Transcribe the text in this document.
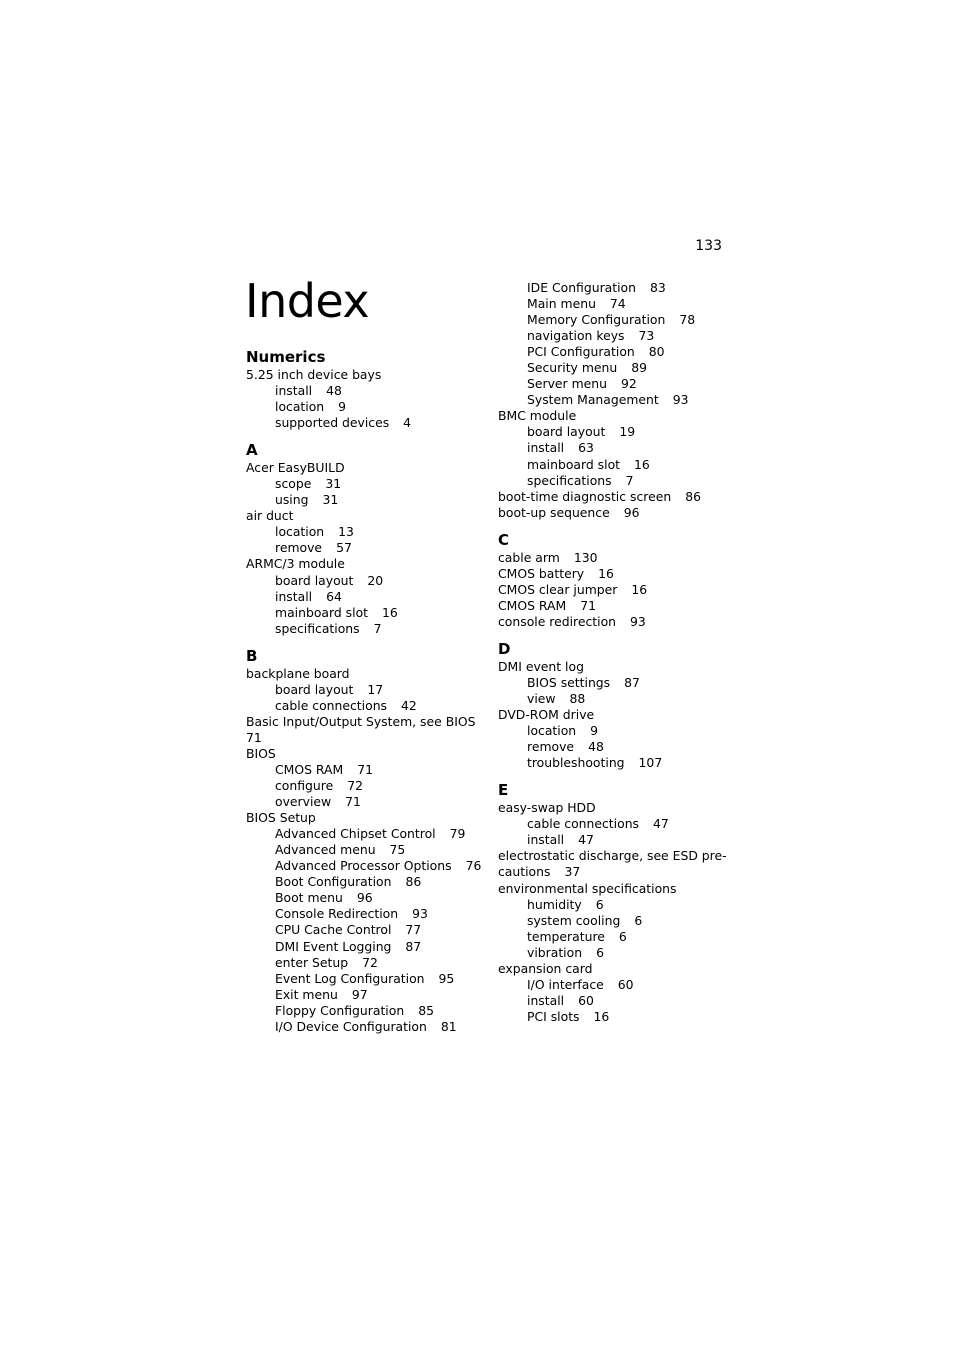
133
Index
Numerics
5.25 inch device bays
install 48
location 9
supported devices 4
A
Acer EasyBUILD
scope 31
using 31
air duct
location 13
remove 57
ARMC/3 module
board layout 20
install 64
mainboard slot 16
specifications 7
B
backplane board
board layout 17
cable connections 42
Basic Input/Output System, see BIOS
71
BIOS
CMOS RAM 71
configure 72
overview 71
BIOS Setup
Advanced Chipset Control 79
Advanced menu 75
Advanced Processor Options 76
Boot Configuration 86
Boot menu 96
Console Redirection 93
CPU Cache Control 77
DMI Event Logging 87
enter Setup 72
Event Log Configuration 95
Exit menu 97
Floppy Configuration 85
I/O Device Configuration 81
IDE Configuration 83
Main menu 74
Memory Configuration 78
navigation keys 73
PCI Configuration 80
Security menu 89
Server menu 92
System Management 93
BMC module
board layout 19
install 63
mainboard slot 16
specifications 7
boot-time diagnostic screen 86
boot-up sequence 96
C
cable arm 130
CMOS battery 16
CMOS clear jumper 16
CMOS RAM 71
console redirection 93
D
DMI event log
BIOS settings 87
view 88
DVD-ROM drive
location 9
remove 48
troubleshooting 107
E
easy-swap HDD
cable connections 47
install 47
electrostatic discharge, see ESD pre-
cautions 37
environmental specifications
humidity 6
system cooling 6
temperature 6
vibration 6
expansion card
I/O interface 60
install 60
PCI slots 16
